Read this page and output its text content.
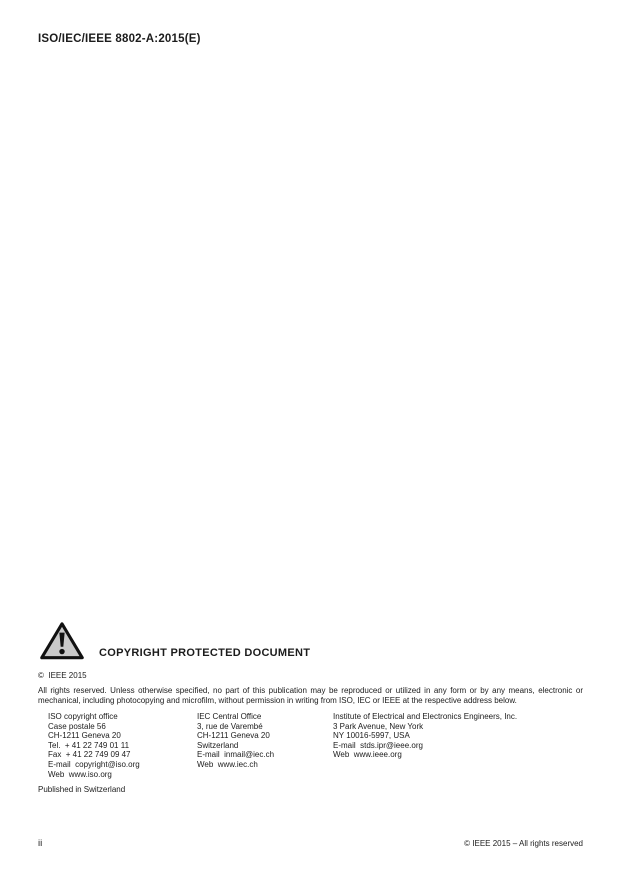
ISO/IEC/IEEE 8802-A:2015(E)
COPYRIGHT PROTECTED DOCUMENT
©  IEEE 2015
All rights reserved. Unless otherwise specified, no part of this publication may be reproduced or utilized in any form or by any means, electronic or mechanical, including photocopying and microfilm, without permission in writing from ISO, IEC or IEEE at the respective address below.
ISO copyright office
Case postale 56
CH-1211 Geneva 20
Tel.  + 41 22 749 01 11
Fax  + 41 22 749 09 47
E-mail  copyright@iso.org
Web  www.iso.org
IEC Central Office
3, rue de Varembé
CH-1211 Geneva 20
Switzerland
E-mail  inmail@iec.ch
Web  www.iec.ch
Institute of Electrical and Electronics Engineers, Inc.
3 Park Avenue, New York
NY 10016-5997, USA
E-mail  stds.ipr@ieee.org
Web  www.ieee.org
Published in Switzerland
ii	© IEEE 2015 – All rights reserved
